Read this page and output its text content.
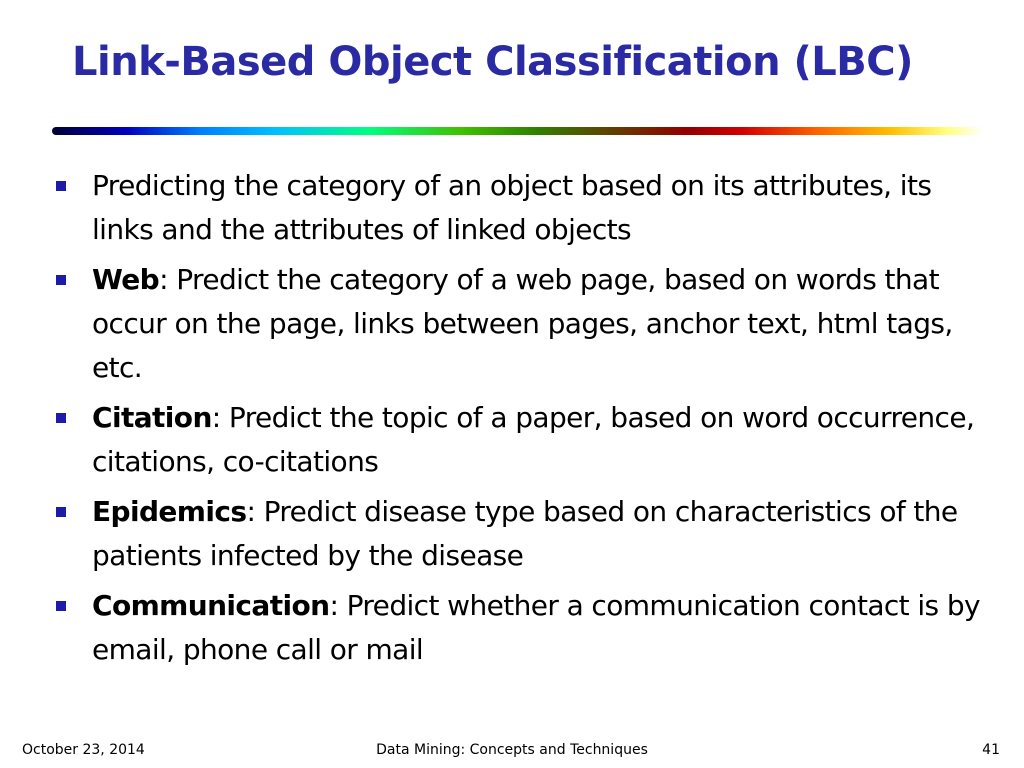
Link-Based Object Classification (LBC)
Predicting the category of an object based on its attributes, its links and the attributes of linked objects
Web: Predict the category of a web page, based on words that occur on the page, links between pages, anchor text, html tags, etc.
Citation: Predict the topic of a paper, based on word occurrence, citations, co-citations
Epidemics: Predict disease type based on characteristics of the patients infected by the disease
Communication: Predict whether a communication contact is by email, phone call or mail
October 23, 2014	Data Mining: Concepts and Techniques	41
